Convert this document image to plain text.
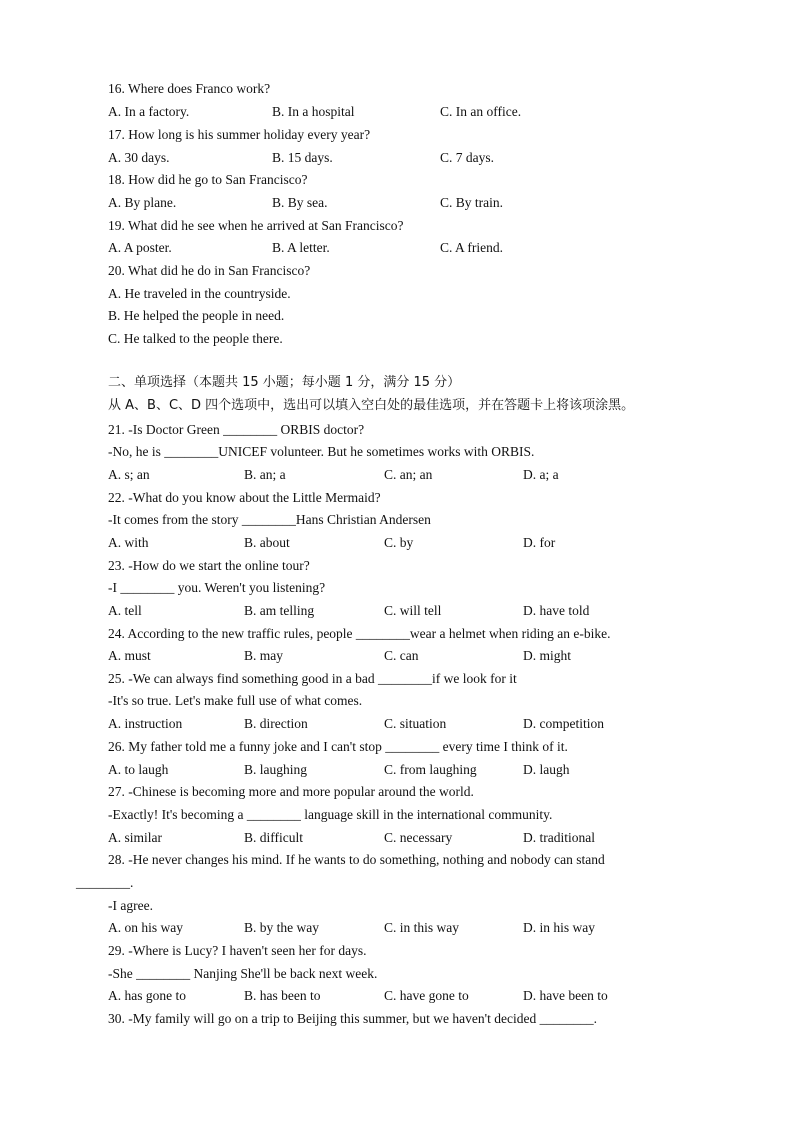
16. Where does Franco work?
A. In a factory.	B. In a hospital	C. In an office.
17. How long is his summer holiday every year?
A. 30 days.	B. 15 days.	C. 7 days.
18. How did he go to San Francisco?
A. By plane.	B. By sea.	C. By train.
19. What did he see when he arrived at San Francisco?
A. A poster.	B. A letter.	C. A friend.
20. What did he do in San Francisco?
A. He traveled in the countryside.
B. He helped the people in need.
C. He talked to the people there.
二、单项选择（本题共 15 小题；每小题 1 分，满分 15 分）
从 A、B、C、D 四个选项中，选出可以填入空白处的最佳选项，并在答题卡上将该项涂黑。
21. -Is Doctor Green ________ ORBIS doctor?
-No, he is ________UNICEF volunteer. But he sometimes works with ORBIS.
A. s; an	B. an; a	C. an; an	D. a; a
22. -What do you know about the Little Mermaid?
-It comes from the story ________Hans Christian Andersen
A. with	B. about	C. by	D. for
23. -How do we start the online tour?
-I ________ you. Weren't you listening?
A. tell	B. am telling	C. will tell	D. have told
24. According to the new traffic rules, people ________wear a helmet when riding an e-bike.
A. must	B. may	C. can	D. might
25. -We can always find something good in a bad ________if we look for it
-It's so true. Let's make full use of what comes.
A. instruction	B. direction	C. situation	D. competition
26. My father told me a funny joke and I can't stop ________ every time I think of it.
A. to laugh	B. laughing	C. from laughing	D. laugh
27. -Chinese is becoming more and more popular around the world.
-Exactly! It's becoming a ________ language skill in the international community.
A. similar	B. difficult	C. necessary	D. traditional
28. -He never changes his mind. If he wants to do something, nothing and nobody can stand
________.
-I agree.
A. on his way	B. by the way	C. in this way	D. in his way
29. -Where is Lucy? I haven't seen her for days.
-She ________ Nanjing She'll be back next week.
A. has gone to	B. has been to	C. have gone to	D. have been to
30. -My family will go on a trip to Beijing this summer, but we haven't decided ________.
